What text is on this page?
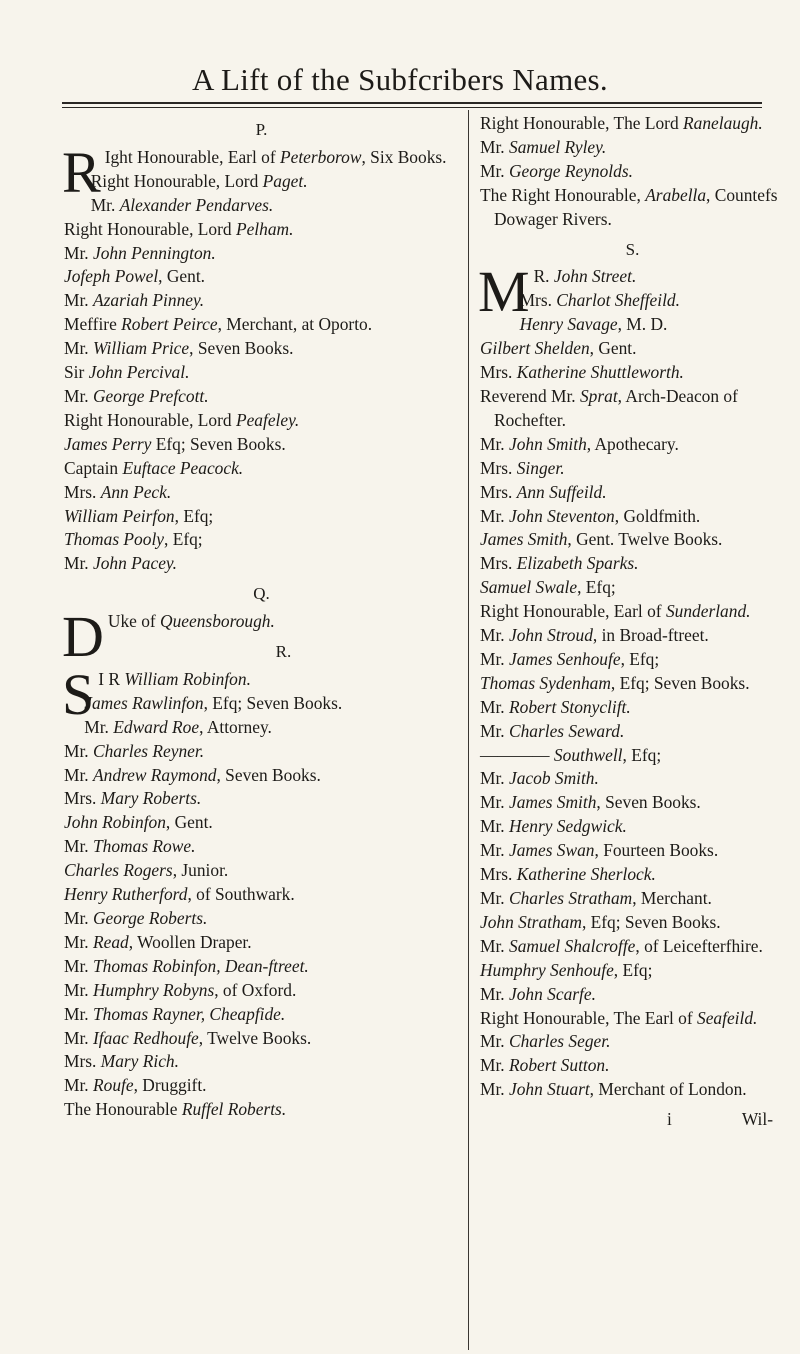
A Lift of the Subfcribers Names.
P.

R Ight Honourable, Earl of Peterborow, Six Books.

Right Honourable, Lord Paget.

Mr. Alexander Pendarves.

Right Honourable, Lord Pelham.

Mr. John Pennington.

Jofeph Powel, Gent.

Mr. Azariah Pinney.

Meffire Robert Peirce, Merchant, at Oporto.

Mr. William Price, Seven Books.

Sir John Percival.

Mr. George Prefcott.

Right Honourable, Lord Peafeley.

James Perry Efq; Seven Books.

Captain Euftace Peacock.

Mrs. Ann Peck.

William Peirfon, Efq;

Thomas Pooly, Efq;

Mr. John Pacey.

Q.

D Uke of Queensborough.

R.

S I R William Robinfon.

James Rawlinfon, Efq; Seven Books.

Mr. Edward Roe, Attorney.

Mr. Charles Reyner.

Mr. Andrew Raymond, Seven Books.

Mrs. Mary Roberts.

John Robinfon, Gent.

Mr. Thomas Rowe.

Charles Rogers, Junior.

Henry Rutherford, of Southwark.

Mr. George Roberts.

Mr. Read, Woollen Draper.

Mr. Thomas Robinfon, Dean-ftreet.

Mr. Humphry Robyns, of Oxford.

Mr. Thomas Rayner, Cheapfide.

Mr. Ifaac Redhoufe, Twelve Books.

Mrs. Mary Rich.

Mr. Roufe, Druggift.

The Honourable Ruffel Roberts.

Right Honourable, The Lord Ranelaugh.

Mr. Samuel Ryley.

Mr. George Reynolds.

The Right Honourable, Arabella, Countefs Dowager Rivers.

S.

M R. John Street.

Mrs. Charlot Sheffeild.

Henry Savage, M. D.

Gilbert Shelden, Gent.

Mrs. Katherine Shuttleworth.

Reverend Mr. Sprat, Arch-Deacon of Rochefter.

Mr. John Smith, Apothecary.

Mrs. Singer.

Mrs. Ann Suffeild.

Mr. John Steventon, Goldfmith.

James Smith, Gent. Twelve Books.

Mrs. Elizabeth Sparks.

Samuel Swale, Efq;

Right Honourable, Earl of Sunderland.

Mr. John Stroud, in Broad-ftreet.

Mr. James Senhoufe, Efq;

Thomas Sydenham, Efq; Seven Books.

Mr. Robert Stonyclift.

Mr. Charles Seward.

———— Southwell, Efq;

Mr. Jacob Smith.

Mr. James Smith, Seven Books.

Mr. Henry Sedgwick.

Mr. James Swan, Fourteen Books.

Mrs. Katherine Sherlock.

Mr. Charles Stratham, Merchant.

John Stratham, Efq; Seven Books.

Mr. Samuel Shalcroffe, of Leicefterfhire.

Humphry Senhoufe, Efq;

Mr. John Scarfe.

Right Honourable, The Earl of Seafeild.

Mr. Charles Seger.

Mr. Robert Sutton.

Mr. John Stuart, Merchant of London.

i	Wil-
